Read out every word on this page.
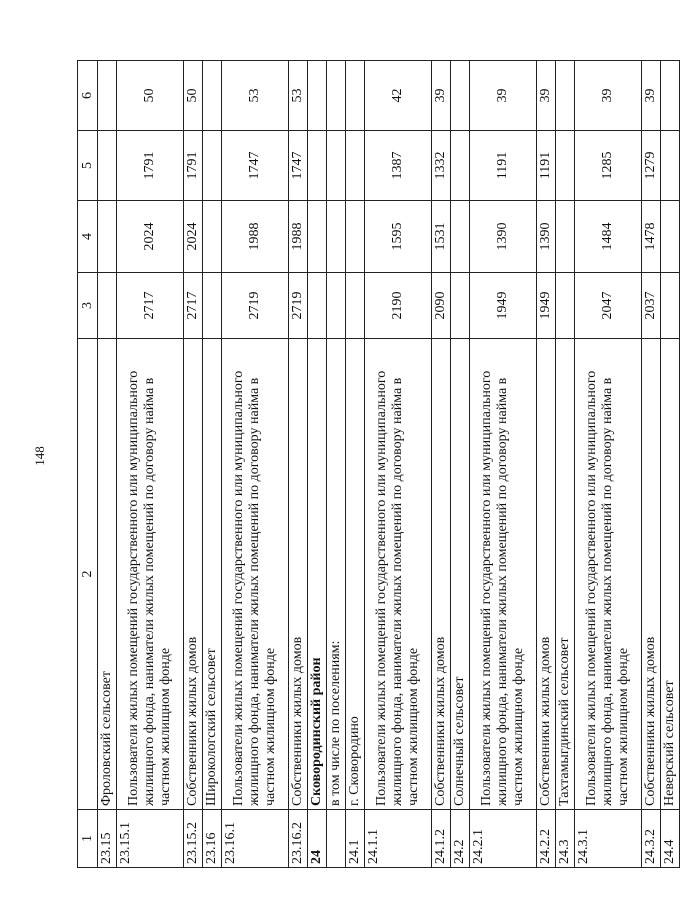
148
1	2	3	4	5	6
23.15	Фроловский сельсовет				
23.15.1	Пользователи жилых помещений государственного или муниципального жилищного фонда, наниматели жилых помещений по договору найма в частном жилищном фонде	2717	2024	1791	50
23.15.2	Собственники жилых домов	2717	2024	1791	50
23.16	Широкологский сельсовет				
23.16.1	Пользователи жилых помещений государственного или муниципального жилищного фонда, наниматели жилых помещений по договору найма в частном жилищном фонде	2719	1988	1747	53
23.16.2	Собственники жилых домов	2719	1988	1747	53
24	Сковородинский район				
	в том числе по поселениям:				
24.1	г. Сковородино				
24.1.1	Пользователи жилых помещений государственного или муниципального жилищного фонда, наниматели жилых помещений по договору найма в частном жилищном фонде	2190	1595	1387	42
24.1.2	Собственники жилых домов	2090	1531	1332	39
24.2	Солнечный сельсовет				
24.2.1	Пользователи жилых помещений государственного или муниципального жилищного фонда, наниматели жилых помещений по договору найма в частном жилищном фонде	1949	1390	1191	39
24.2.2	Собственники жилых домов	1949	1390	1191	39
24.3	Тахтамыгдинский сельсовет				
24.3.1	Пользователи жилых помещений государственного или муниципального жилищного фонда, наниматели жилых помещений по договору найма в частном жилищном фонде	2047	1484	1285	39
24.3.2	Собственники жилых домов	2037	1478	1279	39
24.4	Неверский сельсовет				
